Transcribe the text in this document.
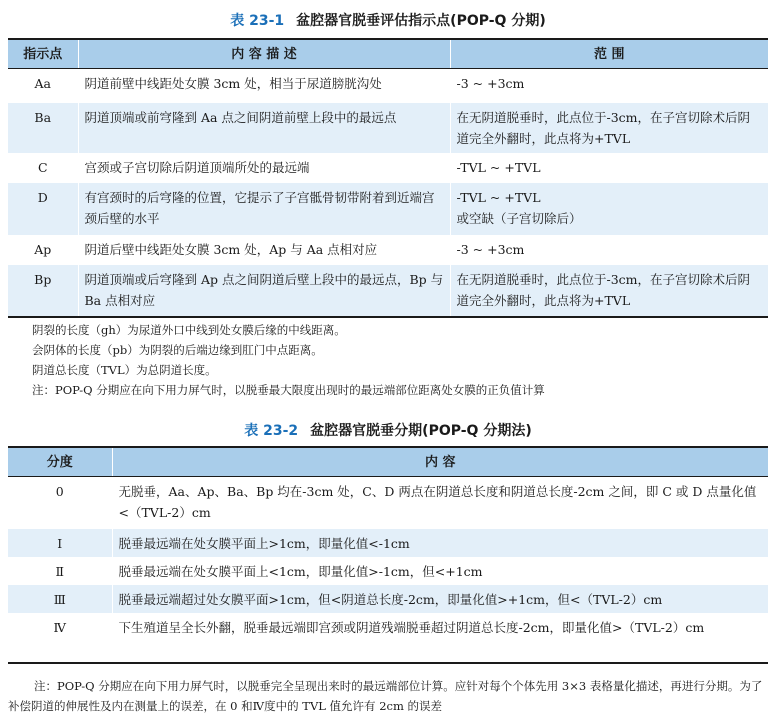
表 23-1 盆腔器官脱垂评估指示点(POP-Q 分期)
指示点	内 容 描 述	范 围
Aa	阴道前壁中线距处女膜 3cm 处，相当于尿道膀胱沟处	-3 ~ +3cm
Ba	阴道顶端或前穹隆到 Aa 点之间阴道前壁上段中的最远点	在无阴道脱垂时，此点位于-3cm，在子宫切除术后阴道完全外翻时，此点将为+TVL
C	宫颈或子宫切除后阴道顶端所处的最远端	-TVL ~ +TVL
D	有宫颈时的后穹隆的位置，它提示了子宫骶骨韧带附着到近端宫颈后壁的水平	-TVL ~ +TVL
或空缺（子宫切除后）
Ap	阴道后壁中线距处女膜 3cm 处，Ap 与 Aa 点相对应	-3 ~ +3cm
Bp	阴道顶端或后穹隆到 Ap 点之间阴道后壁上段中的最远点，Bp 与 Ba 点相对应	在无阴道脱垂时，此点位于-3cm，在子宫切除术后阴道完全外翻时，此点将为+TVL
阴裂的长度（gh）为尿道外口中线到处女膜后缘的中线距离。
会阴体的长度（pb）为阴裂的后端边缘到肛门中点距离。
阴道总长度（TVL）为总阴道长度。
注：POP-Q 分期应在向下用力屏气时，以脱垂最大限度出现时的最远端部位距离处女膜的正负值计算
表 23-2 盆腔器官脱垂分期(POP-Q 分期法)
分度	内 容
0	无脱垂，Aa、Ap、Ba、Bp 均在-3cm 处，C、D 两点在阴道总长度和阴道总长度-2cm 之间，即 C 或 D 点量化值<（TVL-2）cm
Ⅰ	脱垂最远端在处女膜平面上>1cm，即量化值<-1cm
Ⅱ	脱垂最远端在处女膜平面上<1cm，即量化值>-1cm，但<+1cm
Ⅲ	脱垂最远端超过处女膜平面>1cm，但<阴道总长度-2cm，即量化值>+1cm，但<（TVL-2）cm
Ⅳ	下生殖道呈全长外翻，脱垂最远端即宫颈或阴道残端脱垂超过阴道总长度-2cm，即量化值>（TVL-2）cm
注：POP-Q 分期应在向下用力屏气时，以脱垂完全呈现出来时的最远端部位计算。应针对每个个体先用 3×3 表格量化描述，再进行分期。为了补偿阴道的伸展性及内在测量上的误差，在 0 和Ⅳ度中的 TVL 值允许有 2cm 的误差
